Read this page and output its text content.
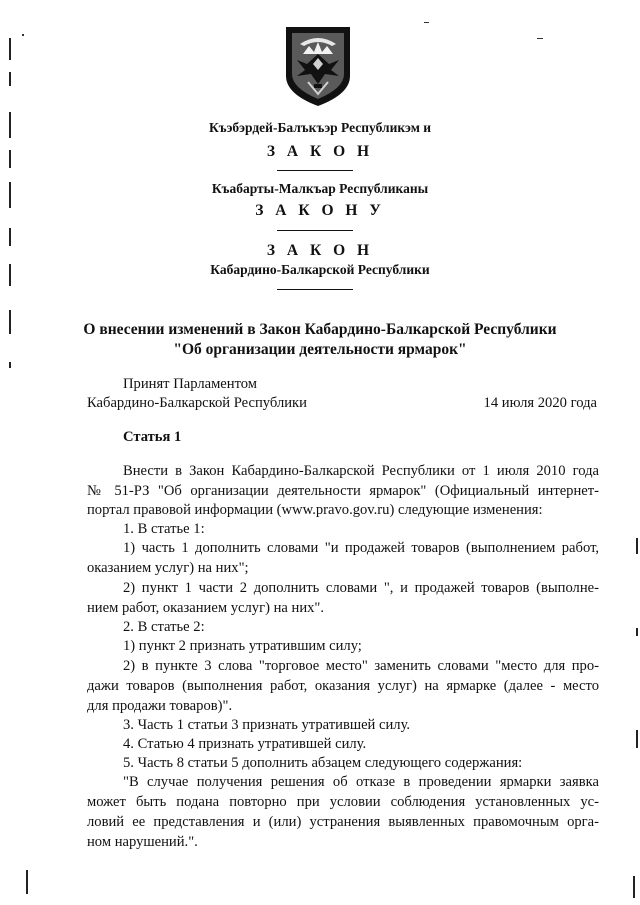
Къэбэрдей-Балъкъэр Республикэм и
З А К О Н
Къабарты-Малкъар Республиканы
З А К О Н У
З А К О Н
Кабардино-Балкарской Республики
О внесении изменений в Закон Кабардино-Балкарской Республики
"Об организации деятельности ярмарок"
Принят Парламентом
Кабардино-Балкарской Республики	14 июля 2020 года
Статья 1
Внести в Закон Кабардино-Балкарской Республики от 1 июля 2010 года
№ 51-РЗ "Об организации деятельности ярмарок" (Официальный интернет-
портал правовой информации (www.pravo.gov.ru) следующие изменения:
1. В статье 1:
1) часть 1 дополнить словами "и продажей товаров (выполнением работ,
оказанием услуг) на них";
2) пункт 1 части 2 дополнить словами ", и продажей товаров (выполне-
нием работ, оказанием услуг) на них".
2. В статье 2:
1) пункт 2 признать утратившим силу;
2) в пункте 3 слова "торговое место" заменить словами "место для про-
дажи товаров (выполнения работ, оказания услуг) на ярмарке (далее - место
для продажи товаров)".
3. Часть 1 статьи 3 признать утратившей силу.
4. Статью 4 признать утратившей силу.
5. Часть 8 статьи 5 дополнить абзацем следующего содержания:
"В случае получения решения об отказе в проведении ярмарки заявка
может быть подана повторно при условии соблюдения установленных ус-
ловий ее представления и (или) устранения выявленных правомочным орга-
ном нарушений.".
